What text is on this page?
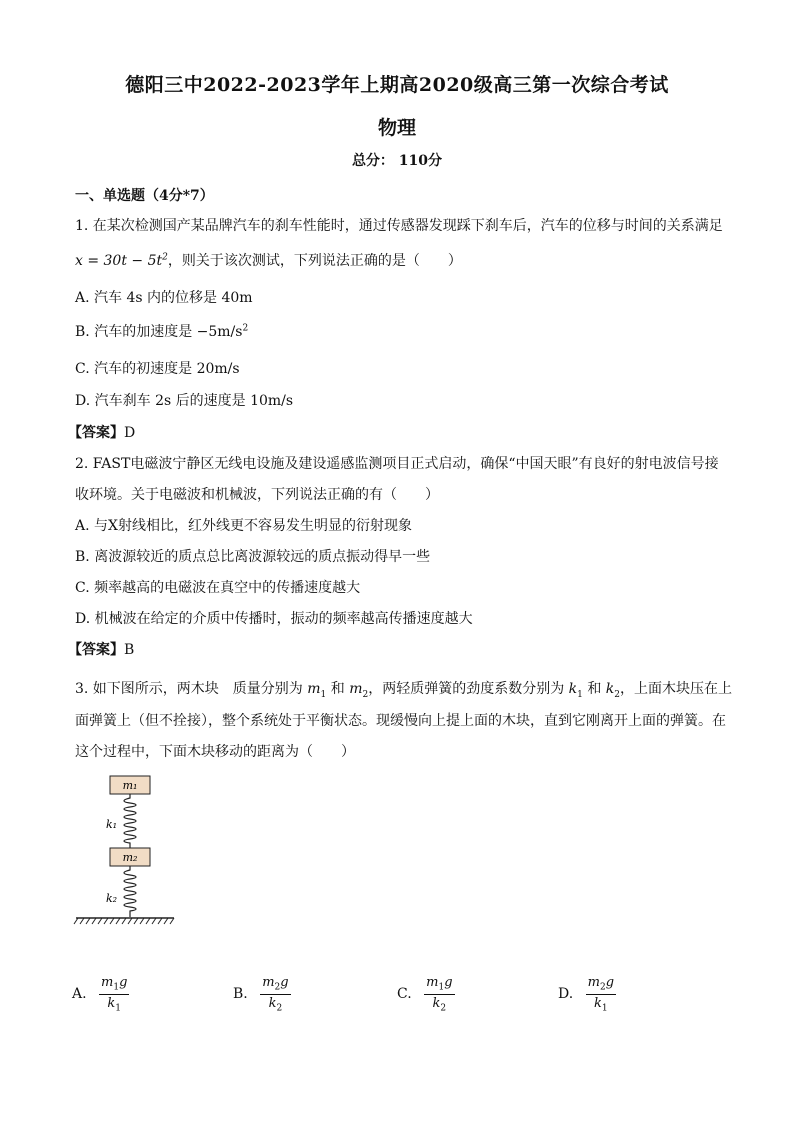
德阳三中2022-2023学年上期高2020级高三第一次综合考试
物理
总分： 110分
一、单选题（4分*7）
1. 在某次检测国产某品牌汽车的刹车性能时，通过传感器发现踩下刹车后，汽车的位移与时间的关系满足
$x = 30t - 5t^2$，则关于该次测试，下列说法正确的是（　　）
A. 汽车 4s 内的位移是 40m
B. 汽车的加速度是 $-5m/s^2$
C. 汽车的初速度是 20m/s
D. 汽车刹车 2s 后的速度是 10m/s
【答案】D
2. FAST电磁波宁静区无线电设施及建设遥感监测项目正式启动，确保“中国天眼”有良好的射电波信号接
收环境。关于电磁波和机械波，下列说法正确的有（　　）
A. 与X射线相比，红外线更不容易发生明显的衍射现象
B. 离波源较近的质点总比离波源较远的质点振动得早一些
C. 频率越高的电磁波在真空中的传播速度越大
D. 机械波在给定的介质中传播时，振动的频率越高传播速度越大
【答案】B
3. 如下图所示，两木块　质量分别为 $m_1$ 和 $m_2$，两轻质弹簧的劲度系数分别为 $k_1$ 和 $k_2$，上面木块压在上
面弹簧上（但不拴接），整个系统处于平衡状态。现缓慢向上提上面的木块，直到它刚离开上面的弹簧。在
这个过程中，下面木块移动的距离为（　　）
m₁
k₁
m₂
k₂
A. $\frac{m_1g}{k_1}$	B. $\frac{m_2g}{k_2}$	C. $\frac{m_1g}{k_2}$	D. $\frac{m_2g}{k_1}$
